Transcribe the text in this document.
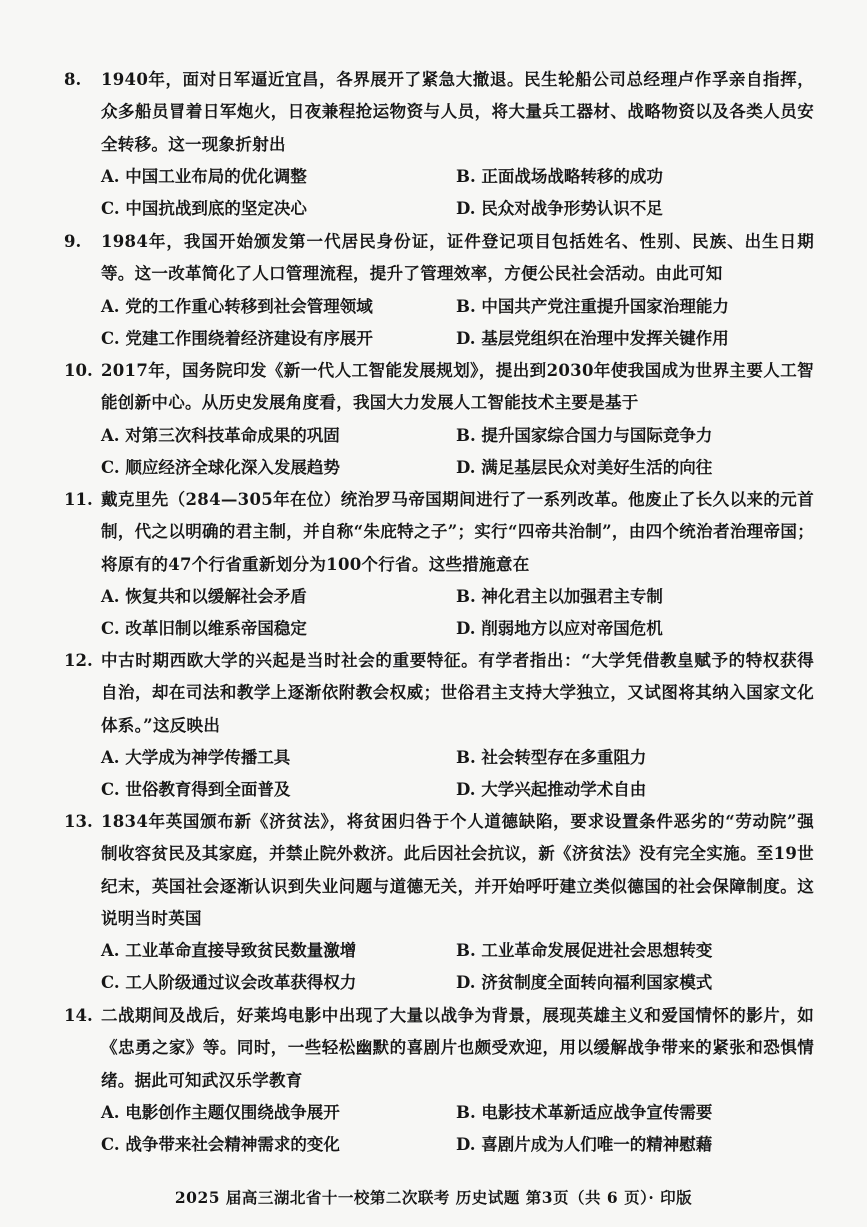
8.	1940年，面对日军逼近宜昌，各界展开了紧急大撤退。民生轮船公司总经理卢作孚亲自指挥，众多船员冒着日军炮火，日夜兼程抢运物资与人员，将大量兵工器材、战略物资以及各类人员安全转移。这一现象折射出
A. 中国工业布局的优化调整	B. 正面战场战略转移的成功
C. 中国抗战到底的坚定决心	D. 民众对战争形势认识不足
9.	1984年，我国开始颁发第一代居民身份证，证件登记项目包括姓名、性别、民族、出生日期等。这一改革简化了人口管理流程，提升了管理效率，方便公民社会活动。由此可知
A. 党的工作重心转移到社会管理领域	B. 中国共产党注重提升国家治理能力
C. 党建工作围绕着经济建设有序展开	D. 基层党组织在治理中发挥关键作用
10. 2017年，国务院印发《新一代人工智能发展规划》，提出到2030年使我国成为世界主要人工智能创新中心。从历史发展角度看，我国大力发展人工智能技术主要是基于
A. 对第三次科技革命成果的巩固	B. 提升国家综合国力与国际竞争力
C. 顺应经济全球化深入发展趋势	D. 满足基层民众对美好生活的向往
11. 戴克里先（284—305年在位）统治罗马帝国期间进行了一系列改革。他废止了长久以来的元首制，代之以明确的君主制，并自称“朱庇特之子”；实行“四帝共治制”，由四个统治者治理帝国；将原有的47个行省重新划分为100个行省。这些措施意在
A. 恢复共和以缓解社会矛盾	B. 神化君主以加强君主专制
C. 改革旧制以维系帝国稳定	D. 削弱地方以应对帝国危机
12. 中古时期西欧大学的兴起是当时社会的重要特征。有学者指出：“大学凭借教皇赋予的特权获得自治，却在司法和教学上逐渐依附教会权威；世俗君主支持大学独立，又试图将其纳入国家文化体系。”这反映出
A. 大学成为神学传播工具	B. 社会转型存在多重阻力
C. 世俗教育得到全面普及	D. 大学兴起推动学术自由
13. 1834年英国颁布新《济贫法》，将贫困归咎于个人道德缺陷，要求设置条件恶劣的“劳动院”强制收容贫民及其家庭，并禁止院外救济。此后因社会抗议，新《济贫法》没有完全实施。至19世纪末，英国社会逐渐认识到失业问题与道德无关，并开始呼吁建立类似德国的社会保障制度。这说明当时英国
A. 工业革命直接导致贫民数量激增	B. 工业革命发展促进社会思想转变
C. 工人阶级通过议会改革获得权力	D. 济贫制度全面转向福利国家模式
14. 二战期间及战后，好莱坞电影中出现了大量以战争为背景，展现英雄主义和爱国情怀的影片，如《忠勇之家》等。同时，一些轻松幽默的喜剧片也颇受欢迎，用以缓解战争带来的紧张和恐惧情绪。据此可知武汉乐学教育
A. 电影创作主题仅围绕战争展开	B. 电影技术革新适应战争宣传需要
C. 战争带来社会精神需求的变化	D. 喜剧片成为人们唯一的精神慰藉
2025 届高三湖北省十一校第二次联考 历史试题 第3页（共 6 页）· 印版
